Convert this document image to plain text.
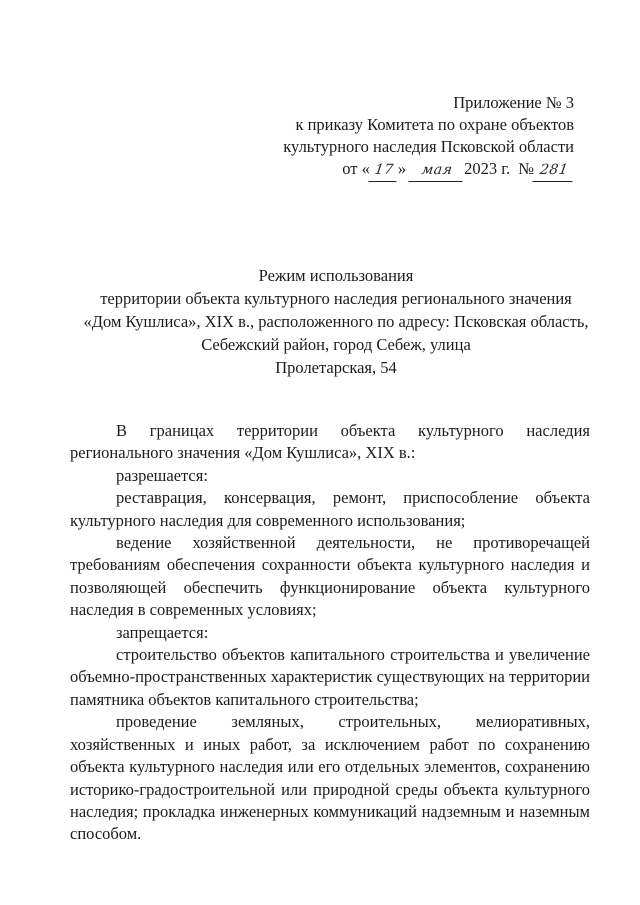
Приложение № 3
к приказу Комитета по охране объектов
культурного наследия Псковской области
от « 17 » мая 2023 г. № 281
Режим использования
территории объекта культурного наследия регионального значения
«Дом Кушлиса», XIX в., расположенного по адресу: Псковская область,
Себежский район, город Себеж, улица
Пролетарская, 54

В границах территории объекта культурного наследия регионального значения «Дом Кушлиса», XIX в.:

разрешается:

реставрация, консервация, ремонт, приспособление объекта культурного наследия для современного использования;

ведение хозяйственной деятельности, не противоречащей требованиям обеспечения сохранности объекта культурного наследия и позволяющей обеспечить функционирование объекта культурного наследия в современных условиях;

запрещается:

строительство объектов капитального строительства и увеличение объемно-пространственных характеристик существующих на территории памятника объектов капитального строительства;

проведение земляных, строительных, мелиоративных, хозяйственных и иных работ, за исключением работ по сохранению объекта культурного наследия или его отдельных элементов, сохранению историко-градостроительной или природной среды объекта культурного наследия; прокладка инженерных коммуникаций надземным и наземным способом.
